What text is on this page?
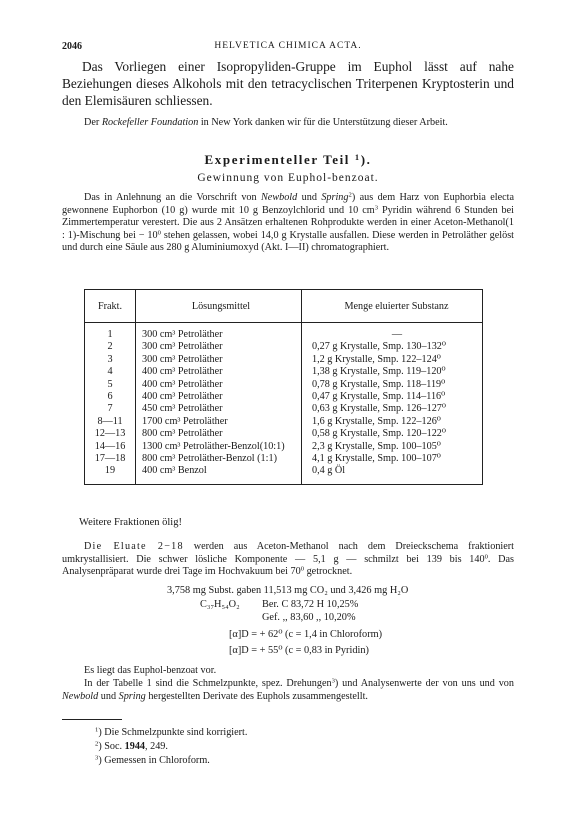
2046	HELVETICA CHIMICA ACTA.

Das Vorliegen einer Isopropyliden-Gruppe im Euphol lässt auf nahe Beziehungen dieses Alkohols mit den tetracyclischen Triterpenen Kryptosterin und den Elemisäuren schliessen.

Der Rockefeller Foundation in New York danken wir für die Unterstützung dieser Arbeit.

Experimenteller Teil $^1$).
Gewinnung von Euphol-benzoat.

Das in Anlehnung an die Vorschrift von Newbold und Spring$^2$) aus dem Harz von Euphorbia electa gewonnene Euphorbon (10 g) wurde mit 10 g Benzoylchlorid und 10 $cm^3$ Pyridin während 6 Stunden bei Zimmertemperatur verestert. Die aus 2 Ansätzen erhaltenen Rohprodukte werden in einer Aceton-Methanol(1 : 1)-Mischung bei − $10^0$ stehen gelassen, wobei 14,0 g Krystalle ausfallen. Diese werden in Petroläther gelöst und durch eine Säule aus 280 g Aluminiumoxyd (Akt. I—II) chromatographiert.

Frakt.	Lösungsmittel	Menge eluierter Substanz
1	300 cm³ Petroläther	—
2	300 cm³ Petroläther	0,27 g Krystalle, Smp. 130–132⁰
3	300 cm³ Petroläther	1,2 g Krystalle, Smp. 122–124⁰
4	400 cm³ Petroläther	1,38 g Krystalle, Smp. 119–120⁰
5	400 cm³ Petroläther	0,78 g Krystalle, Smp. 118–119⁰
6	400 cm³ Petroläther	0,47 g Krystalle, Smp. 114–116⁰
7	450 cm³ Petroläther	0,63 g Krystalle, Smp. 126–127⁰
8—11	1700 cm³ Petroläther	1,6 g Krystalle, Smp. 122–126⁰
12—13	800 cm³ Petroläther	0,58 g Krystalle, Smp. 120–122⁰
14—16	1300 cm³ Petroläther-Benzol(10:1)	2,3 g Krystalle, Smp. 100–105⁰
17—18	800 cm³ Petroläther-Benzol (1:1)	4,1 g Krystalle, Smp. 100–107⁰
19	400 cm³ Benzol	0,4 g Öl
Weitere Fraktionen ölig!

Die Eluate 2−18 werden aus Aceton-Methanol nach dem Dreieckschema fraktioniert umkrystallisiert. Die schwer lösliche Komponente — 5,1 g — schmilzt bei 139 bis $140^0$. Das Analysenpräparat wurde drei Tage im Hochvakuum bei $70^0$ getrocknet.

3,758 mg Subst. gaben 11,513 mg CO₂ und 3,426 mg H₂O
C₃₇H₅₄O₂ Ber. C 83,72 H 10,25%
Gef. ,, 83,60 ,, 10,20%
[α]D = + 62⁰ (c = 1,4 in Chloroform)
[α]D = + 55⁰ (c = 0,83 in Pyridin)

Es liegt das Euphol-benzoat vor.

In der Tabelle 1 sind die Schmelzpunkte, spez. Drehungen$^3$) und Analysenwerte der von uns und von Newbold und Spring hergestellten Derivate des Euphols zusammengestellt.

$^1$) Die Schmelzpunkte sind korrigiert.
$^2$) Soc. 1944, 249.
$^3$) Gemessen in Chloroform.
